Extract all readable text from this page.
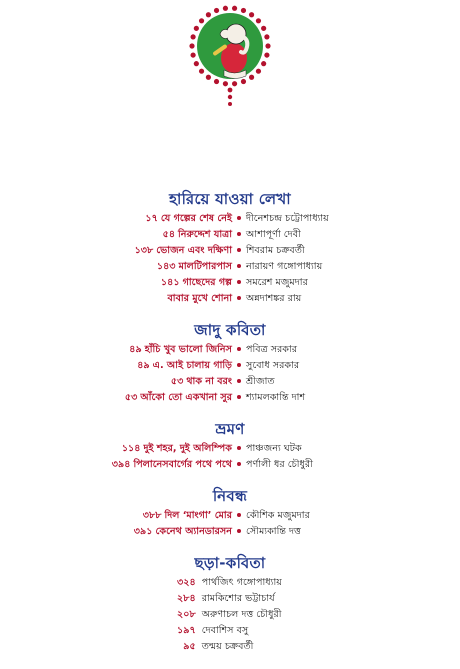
হারিয়ে যাওয়া লেখা
১৭ যে গল্পের শেষ নেই	দীনেশচন্দ্র চট্টোপাধ্যায়
৫৪ নিরুদ্দেশ যাত্রা	আশাপূর্ণা দেবী
১৩৮ ভোজন এবং দক্ষিণা	শিবরাম চক্রবর্তী
১৪৩ মালটিপারপাস	নারায়ণ গঙ্গোপাধ্যায়
১৪১ গাছেদের গল্প	সমরেশ মজুমদার
বাবার মুখে শোনা	অন্নদাশঙ্কর রায়
জাদু কবিতা
৪৯ হাঁচি খুব ভালো জিনিস	পবিত্র সরকার
৪৯ এ. আই চালায় গাড়ি	সুবোধ সরকার
৫৩ থাক না বরং	শ্রীজাত
৫৩ আঁকো তো একখানা সুর	শ্যামলকান্তি দাশ
ভ্রমণ
১১৪ দুই শহর, দুই অলিম্পিক	পাঞ্চজন্য ঘটক
৩৯৪ পিলানেসবার্গের পথে পথে	পর্ণালী ধর চৌধুরী
নিবন্ধ
৩৮৮ দিল ‘মাংগা’ মোর	কৌশিক মজুমদার
৩৯১ কেনেথ অ্যানডারসন	সৌম্যকান্তি দত্ত
ছড়া-কবিতা
৩২৪ পার্থজিৎ গঙ্গোপাধ্যায়
২৮৪ রামকিশোর ভট্টাচার্য
২০৮ অরুণাচল দত্ত চৌধুরী
১৯৭ দেবাশিস বসু
৯৫ তন্ময় চক্রবর্তী
